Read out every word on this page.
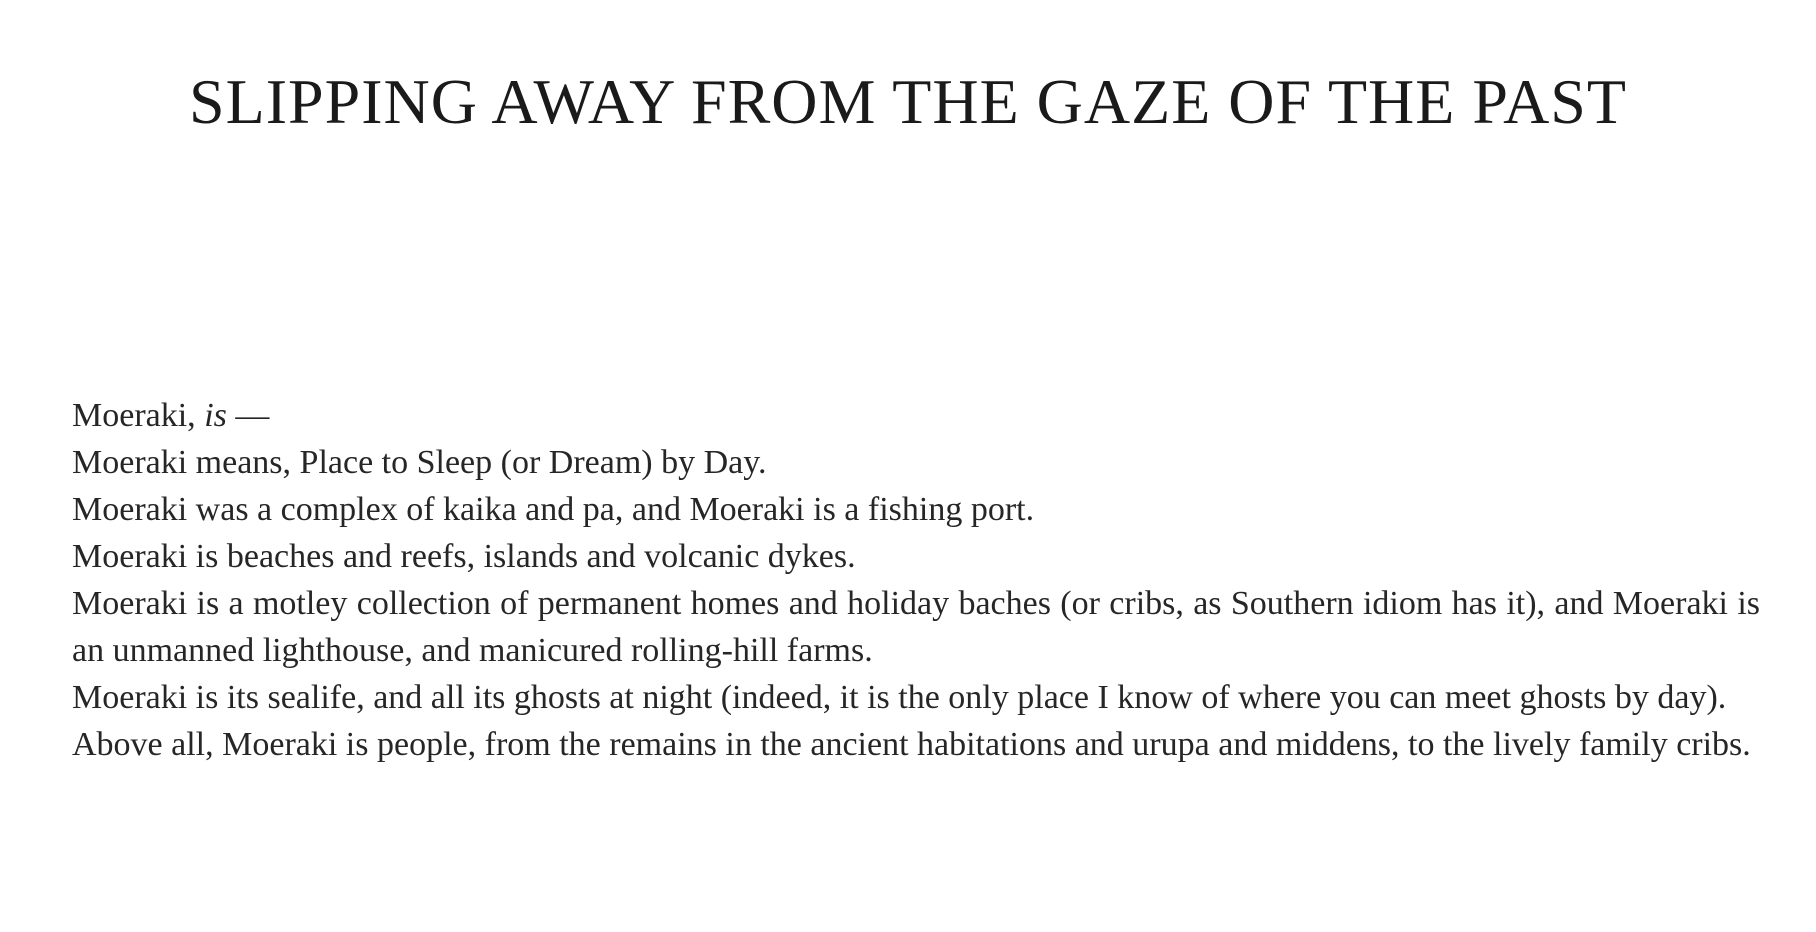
SLIPPING AWAY FROM THE GAZE OF THE PAST
Moeraki, is —
Moeraki means, Place to Sleep (or Dream) by Day.
Moeraki was a complex of kaika and pa, and Moeraki is a fishing port.
Moeraki is beaches and reefs, islands and volcanic dykes.
Moeraki is a motley collection of permanent homes and holiday baches (or cribs, as Southern idiom has it), and Moeraki is an unmanned lighthouse, and manicured rolling-hill farms.
Moeraki is its sealife, and all its ghosts at night (indeed, it is the only place I know of where you can meet ghosts by day).
Above all, Moeraki is people, from the remains in the ancient habitations and urupa and middens, to the lively family cribs.
